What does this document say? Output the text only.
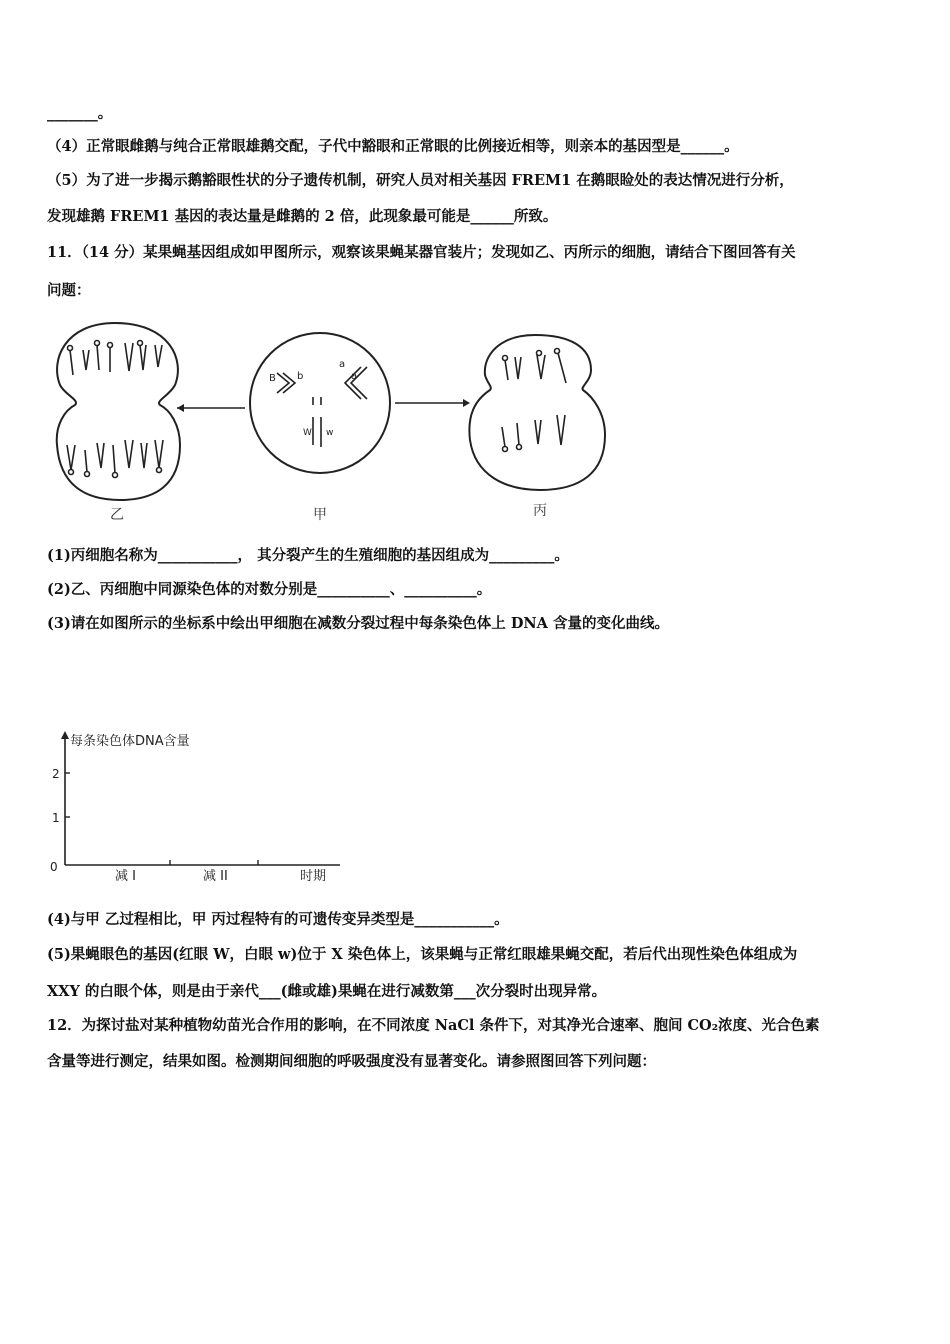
_______。
（4）正常眼雌鹅与纯合正常眼雄鹅交配，子代中豁眼和正常眼的比例接近相等，则亲本的基因型是______。
（5）为了进一步揭示鹅豁眼性状的分子遗传机制，研究人员对相关基因 FREM1 在鹅眼睑处的表达情况进行分析，
发现雄鹅 FREM1 基因的表达量是雌鹅的 2 倍，此现象最可能是______所致。
11．（14 分）某果蝇基因组成如甲图所示，观察该果蝇某器官装片；发现如乙、丙所示的细胞，请结合下图回答有关
问题：
B b
a
a
W w
乙	甲	丙
(1)丙细胞名称为___________， 其分裂产生的生殖细胞的基因组成为_________。
(2)乙、丙细胞中同源染色体的对数分别是__________、__________。
(3)请在如图所示的坐标系中绘出甲细胞在减数分裂过程中每条染色体上 DNA 含量的变化曲线。
每条染色体DNA含量
2
1
0
减 I	减 II	时期
(4)与甲 乙过程相比，甲 丙过程特有的可遗传变异类型是___________。
(5)果蝇眼色的基因(红眼 W，白眼 w)位于 X 染色体上，该果蝇与正常红眼雄果蝇交配，若后代出现性染色体组成为
XXY 的白眼个体，则是由于亲代___(雌或雄)果蝇在进行减数第___次分裂时出现异常。
12．为探讨盐对某种植物幼苗光合作用的影响，在不同浓度 NaCl 条件下，对其净光合速率、胞间 CO₂浓度、光合色素
含量等进行测定，结果如图。检测期间细胞的呼吸强度没有显著变化。请参照图回答下列问题：
